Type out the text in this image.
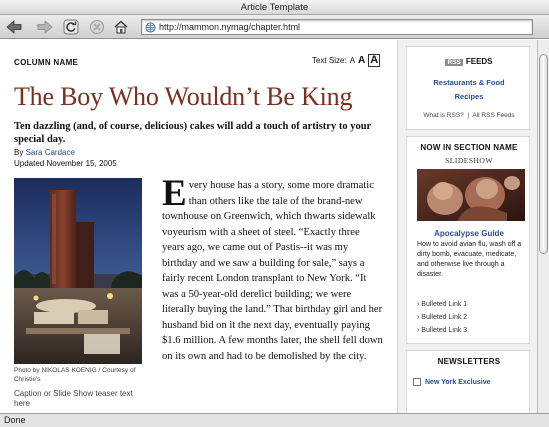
Article Template
http://mammon.nymag/chapter.html
COLUMN NAME	Text Size: A A A
The Boy Who Wouldn’t Be King
Ten dazzling (and, of course, delicious) cakes will add a touch of artistry to your special day.
By Sara Cardace
Updated November 15, 2005
Photo by NIKOLAS KOENIG / Courtesy of Christie's
Caption or Slide Show teaser text here

Every house has a story, some more dramatic than others like the tale of the brand-new townhouse on Greenwich, which thwarts sidewalk voyeurism with a sheet of steel. “Exactly three years ago, we came out of Pastis--it was my birthday and we saw a building for sale,” says a fairly recent London transplant to New York. “It was a 50-year-old derelict building; we were literally buying the land.” That birthday girl and her husband bid on it the next day, eventually paying $1.6 million. A few months later, the shell fell down on its own and had to be demolished by the city.

RSS FEEDS
Restaurants & Food
Recipes
What is RSS? | All RSS Feeds
NOW IN SECTION NAME
SLIDESHOW
Apocalypse Guide
How to avoid avian flu, wash off a dirty bomb, evacuate, medicate, and otherwise live through a disaster.
› Bulleted Link 1
› Bulleted Link 2
› Bulleted Link 3
NEWSLETTERS
New York Exclusive
Done
